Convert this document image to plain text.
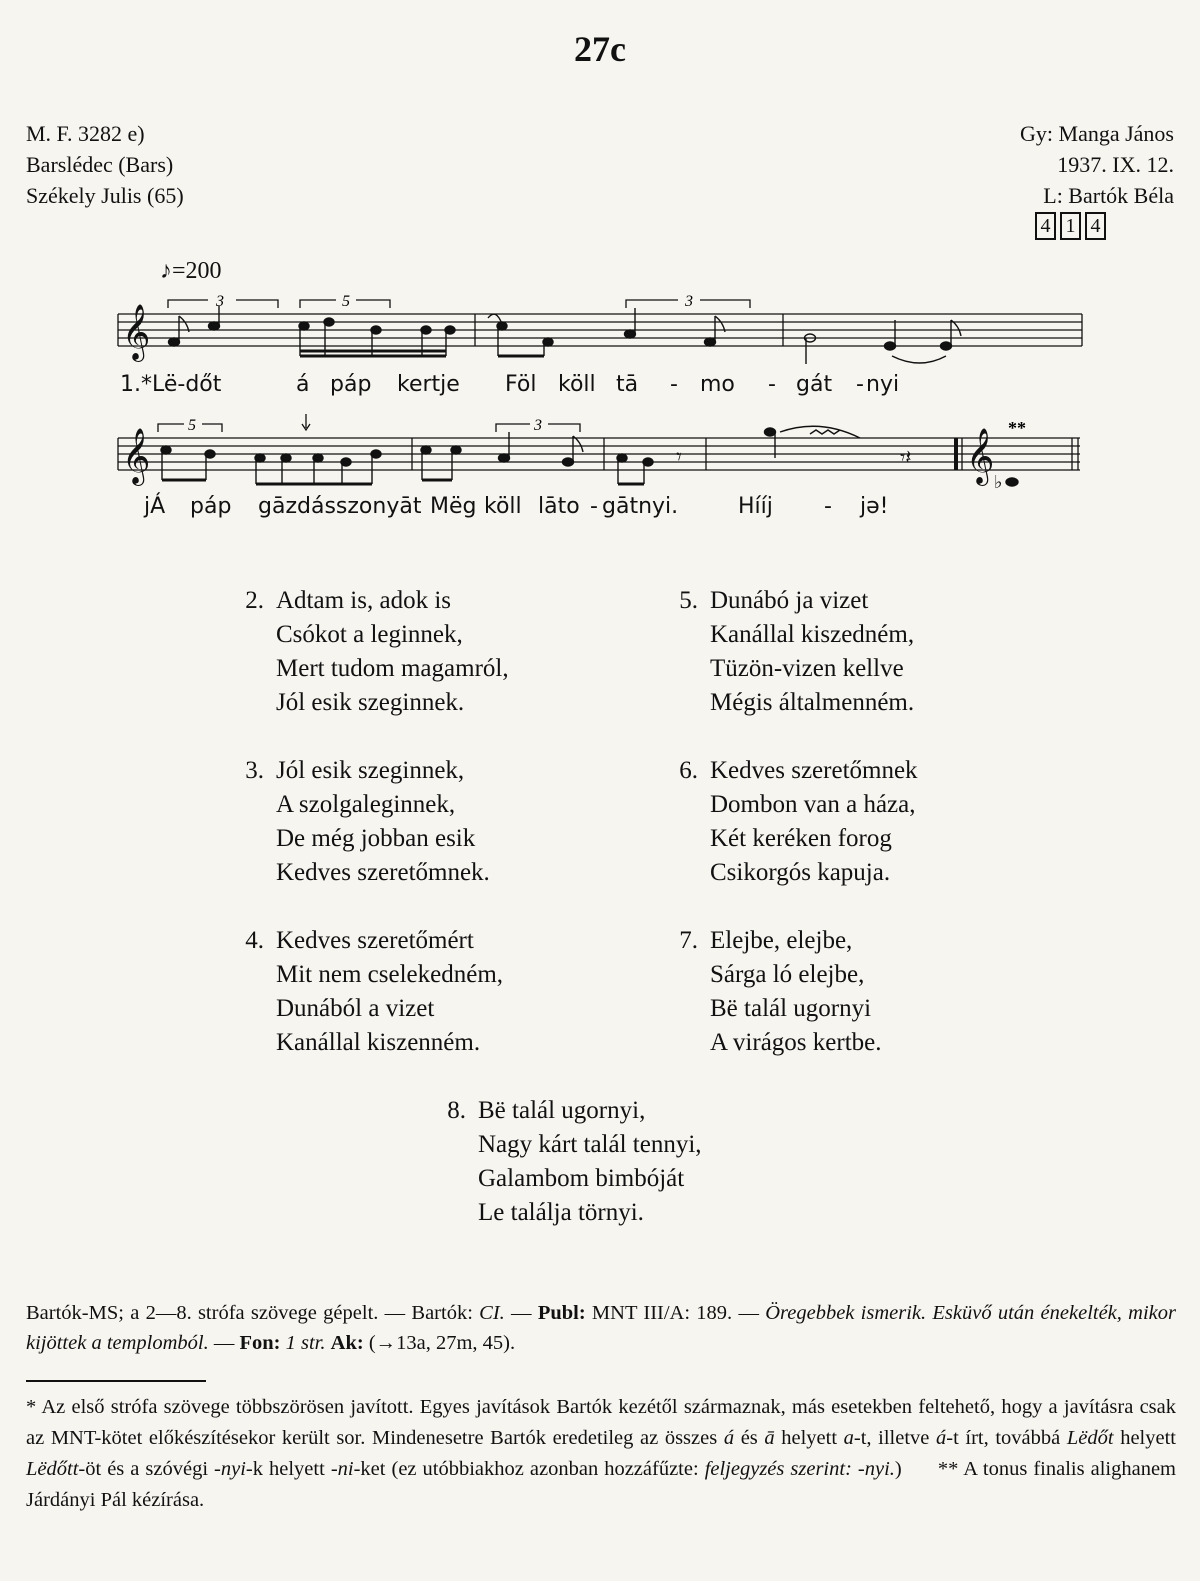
27c
M. F. 3282 e)
Barslédec (Bars)
Székely Julis (65)
Gy: Manga János
1937. IX. 12.
L: Bartók Béla
4 1 4
♪=200
𝄞
3	5	3
1.*Lë-dőt	á páp kertje Föl köll tā - mo - gát - nyi
𝄞	𝄞
5	3	**
♭
𝄾	𝄾𝄽
jÁ páp gāzdásszonyāt Mëg köll lāto - gātnyi.	Hííj - jə!
2. Adtam is, adok is
Csókot a leginnek,
Mert tudom magamról,
Jól esik szeginnek.
3. Jól esik szeginnek,
A szolgaleginnek,
De még jobban esik
Kedves szeretőmnek.
4. Kedves szeretőmért
Mit nem cselekedném,
Dunából a vizet
Kanállal kiszenném.
5. Dunábó ja vizet
Kanállal kiszedném,
Tüzön-vizen kellve
Mégis általmenném.
6. Kedves szeretőmnek
Dombon van a háza,
Két keréken forog
Csikorgós kapuja.
7. Elejbe, elejbe,
Sárga ló elejbe,
Bë talál ugornyi
A virágos kertbe.
8. Bë talál ugornyi,
Nagy kárt talál tennyi,
Galambom bimbóját
Le találja törnyi.
Bartók-MS; a 2—8. strófa szövege gépelt. — Bartók: CI. — Publ: MNT III/A: 189. — Öregebbek ismerik. Esküvő után énekelték, mikor kijöttek a templomból. — Fon: 1 str. Ak: (→13a, 27m, 45).
* Az első strófa szövege többszörösen javított. Egyes javítások Bartók kezétől származnak, más esetekben feltehető, hogy a javításra csak az MNT-kötet előkészítésekor került sor. Mindenesetre Bartók eredetileg az összes á és ā helyett a-t, illetve á-t írt, továbbá Lëdőt helyett Lëdőtt-öt és a szóvégi -nyi-k helyett -ni-ket (ez utóbbiakhoz azonban hozzáfűzte: feljegyzés szerint: -nyi.)      ** A tonus finalis alighanem Járdányi Pál kézírása.
